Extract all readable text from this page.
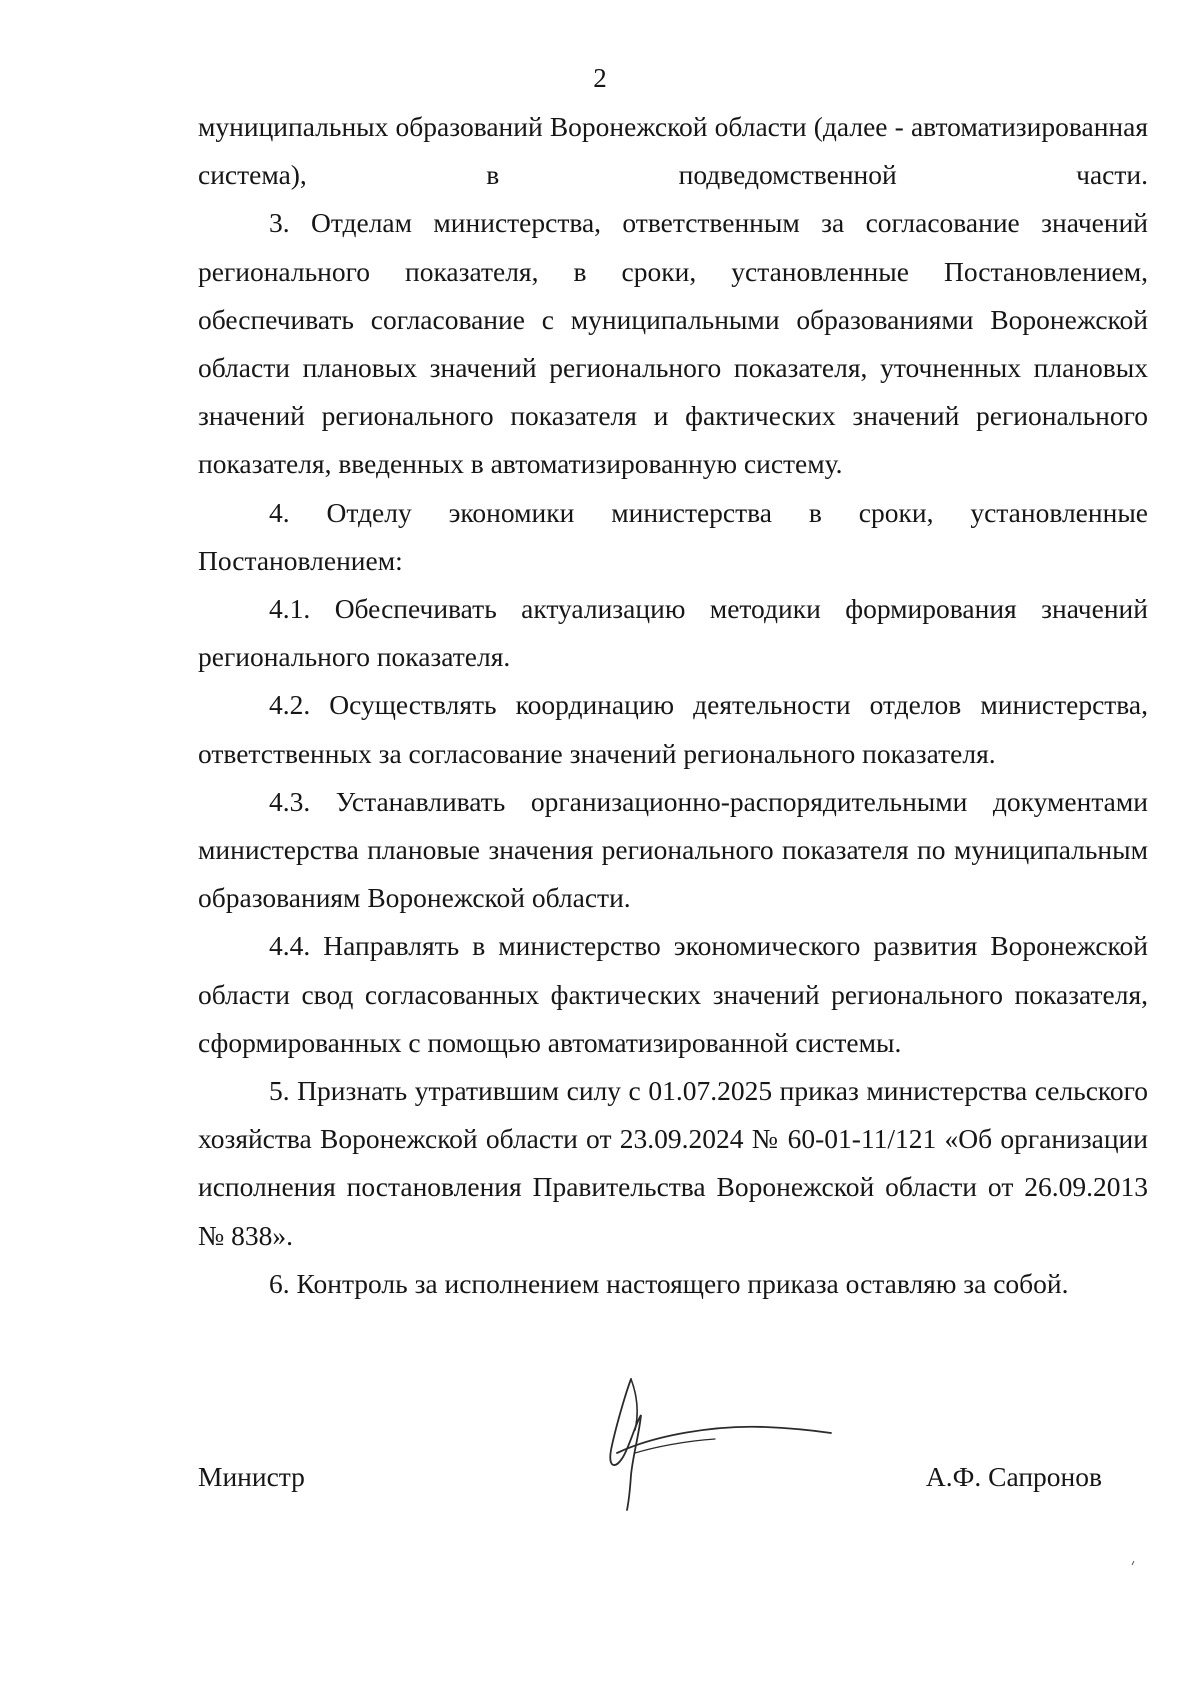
2

муниципальных образований Воронежской области (далее - автоматизированная система), в подведомственной части.

3. Отделам министерства, ответственным за согласование значений регионального показателя, в сроки, установленные Постановлением, обеспечивать согласование с муниципальными образованиями Воронежской области плановых значений регионального показателя, уточненных плановых значений регионального показателя и фактических значений регионального показателя, введенных в автоматизированную систему.

4. Отделу экономики министерства в сроки, установленные Постановлением:

4.1. Обеспечивать актуализацию методики формирования значений регионального показателя.

4.2. Осуществлять координацию деятельности отделов министерства, ответственных за согласование значений регионального показателя.

4.3. Устанавливать организационно-распорядительными документами министерства плановые значения регионального показателя по муниципальным образованиям Воронежской области.

4.4. Направлять в министерство экономического развития Воронежской области свод согласованных фактических значений регионального показателя, сформированных с помощью автоматизированной системы.

5. Признать утратившим силу с 01.07.2025 приказ министерства сельского хозяйства Воронежской области от 23.09.2024 № 60-01-11/121 «Об организации исполнения постановления Правительства Воронежской области от 26.09.2013 № 838».

6. Контроль за исполнением настоящего приказа оставляю за собой.

Министр	А.Ф. Сапронов
